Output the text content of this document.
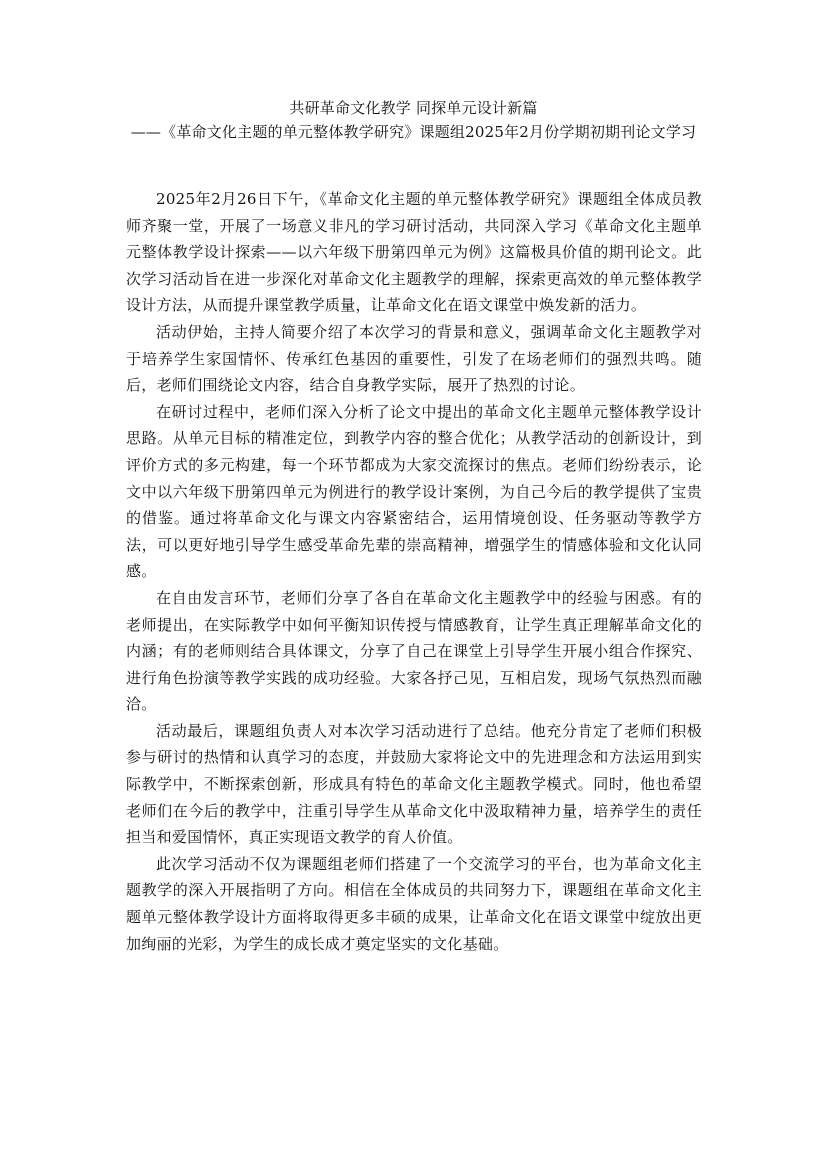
共研革命文化教学 同探单元设计新篇
——《革命文化主题的单元整体教学研究》课题组2025年2月份学期初期刊论文学习

2025年2月26日下午，《革命文化主题的单元整体教学研究》课题组全体成员教师齐聚一堂，开展了一场意义非凡的学习研讨活动，共同深入学习《革命文化主题单元整体教学设计探索——以六年级下册第四单元为例》这篇极具价值的期刊论文。此次学习活动旨在进一步深化对革命文化主题教学的理解，探索更高效的单元整体教学设计方法，从而提升课堂教学质量，让革命文化在语文课堂中焕发新的活力。

活动伊始，主持人简要介绍了本次学习的背景和意义，强调革命文化主题教学对于培养学生家国情怀、传承红色基因的重要性，引发了在场老师们的强烈共鸣。随后，老师们围绕论文内容，结合自身教学实际，展开了热烈的讨论。

在研讨过程中，老师们深入分析了论文中提出的革命文化主题单元整体教学设计思路。从单元目标的精准定位，到教学内容的整合优化；从教学活动的创新设计，到评价方式的多元构建，每一个环节都成为大家交流探讨的焦点。老师们纷纷表示，论文中以六年级下册第四单元为例进行的教学设计案例，为自己今后的教学提供了宝贵的借鉴。通过将革命文化与课文内容紧密结合，运用情境创设、任务驱动等教学方法，可以更好地引导学生感受革命先辈的崇高精神，增强学生的情感体验和文化认同感。

在自由发言环节，老师们分享了各自在革命文化主题教学中的经验与困惑。有的老师提出，在实际教学中如何平衡知识传授与情感教育，让学生真正理解革命文化的内涵；有的老师则结合具体课文，分享了自己在课堂上引导学生开展小组合作探究、进行角色扮演等教学实践的成功经验。大家各抒己见，互相启发，现场气氛热烈而融洽。

活动最后，课题组负责人对本次学习活动进行了总结。他充分肯定了老师们积极参与研讨的热情和认真学习的态度，并鼓励大家将论文中的先进理念和方法运用到实际教学中，不断探索创新，形成具有特色的革命文化主题教学模式。同时，他也希望老师们在今后的教学中，注重引导学生从革命文化中汲取精神力量，培养学生的责任担当和爱国情怀，真正实现语文教学的育人价值。

此次学习活动不仅为课题组老师们搭建了一个交流学习的平台，也为革命文化主题教学的深入开展指明了方向。相信在全体成员的共同努力下，课题组在革命文化主题单元整体教学设计方面将取得更多丰硕的成果，让革命文化在语文课堂中绽放出更加绚丽的光彩，为学生的成长成才奠定坚实的文化基础。
